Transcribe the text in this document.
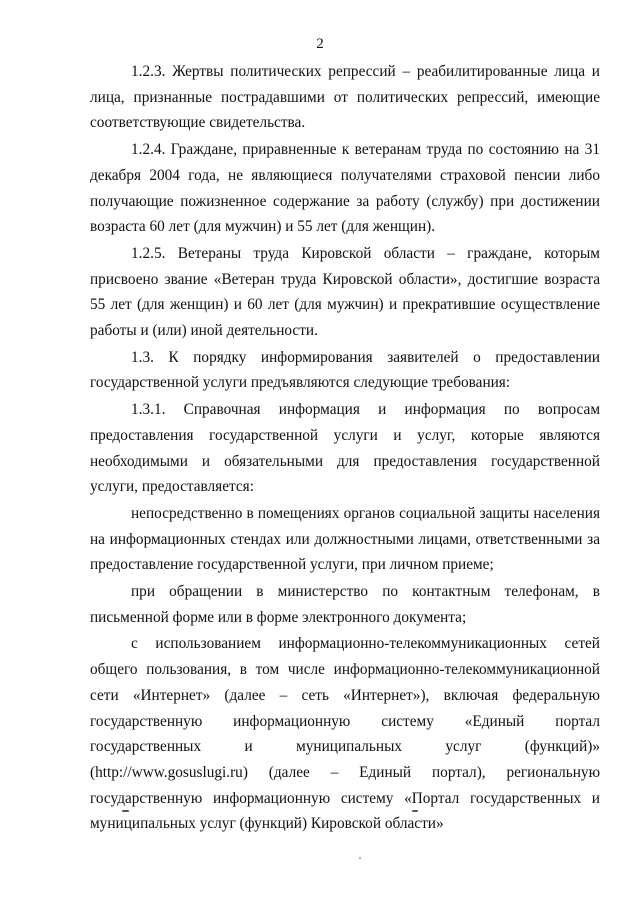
2

1.2.3. Жертвы политических репрессий – реабилитированные лица и лица, признанные пострадавшими от политических репрессий, имеющие соответствующие свидетельства.

1.2.4. Граждане, приравненные к ветеранам труда по состоянию на 31 декабря 2004 года, не являющиеся получателями страховой пенсии либо получающие пожизненное содержание за работу (службу) при достижении возраста 60 лет (для мужчин) и 55 лет (для женщин).

1.2.5. Ветераны труда Кировской области – граждане, которым присвоено звание «Ветеран труда Кировской области», достигшие возраста 55 лет (для женщин) и 60 лет (для мужчин) и прекратившие осуществление работы и (или) иной деятельности.

1.3. К порядку информирования заявителей о предоставлении государственной услуги предъявляются следующие требования:

1.3.1. Справочная информация и информация по вопросам предоставления государственной услуги и услуг, которые являются необходимыми и обязательными для предоставления государственной услуги, предоставляется:

непосредственно в помещениях органов социальной защиты населения на информационных стендах или должностными лицами, ответственными за предоставление государственной услуги, при личном приеме;

при обращении в министерство по контактным телефонам, в письменной форме или в форме электронного документа;

с использованием информационно-телекоммуникационных сетей общего пользования, в том числе информационно-телекоммуникационной сети «Интернет» (далее – сеть «Интернет»), включая федеральную государственную информационную систему «Единый портал государственных и муниципальных услуг (функций)» (http://www.gosuslugi.ru) (далее – Единый портал), региональную государственную информационную систему «Портал государственных и муниципальных услуг (функций) Кировской области»
